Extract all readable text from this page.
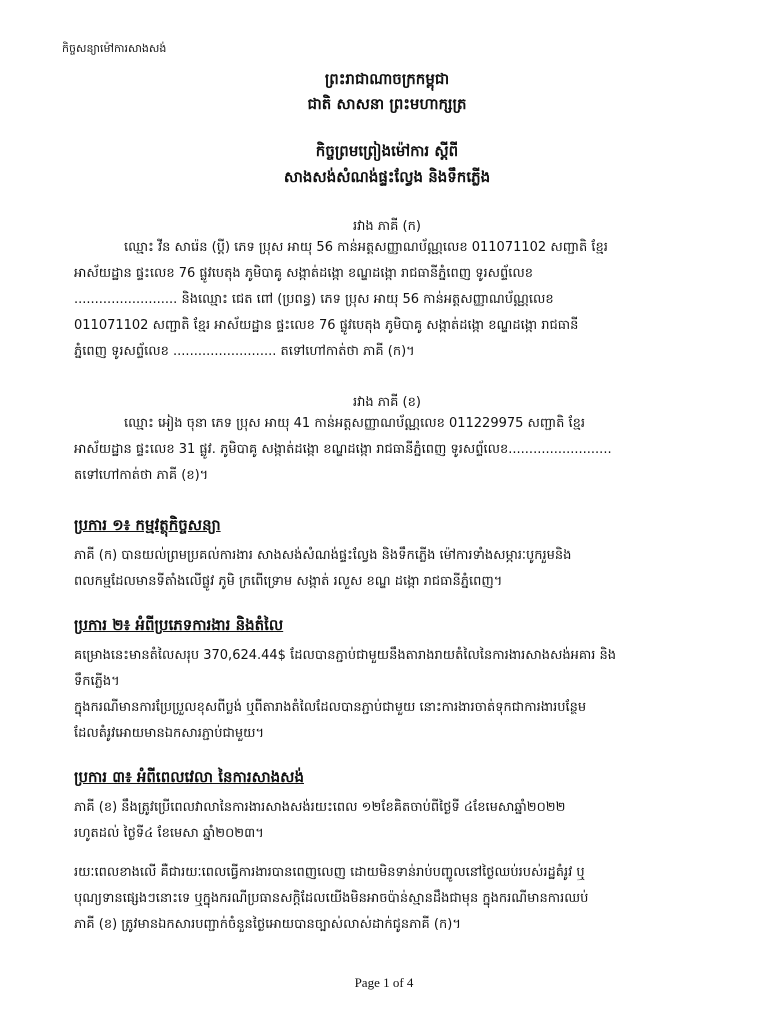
កិច្ចសន្យាម៉ៅការសាងសង់
ព្រះរាជាណាចក្រកម្ពុជា
ជាតិ សាសនា ព្រះមហាក្សត្រ
កិច្ចព្រមព្រៀងម៉ៅការ ស្តីពី
សាងសង់សំណង់ផ្ទះល្វែង និងទឹកភ្លើង
រវាង ភាគី (ក)
ឈ្មោះ វីន សារ៉េន (ប្តី) ភេទ ប្រុស អាយុ 56 កាន់អត្តសញ្ញាណប័ណ្ណលេខ 011071102 សញ្ជាតិ ខ្មែរ
អាស័យដ្ឋាន ផ្ទះលេខ 76 ផ្លូវបេតុង ភូមិបាគូ សង្កាត់ដង្កោ ខណ្ឌដង្កោ រាជធានីភ្នំពេញ ទូរសព្ទ័លេខ
......................... និងឈ្មោះ ជេត ពៅ (ប្រពន្ធ) ភេទ ប្រុស អាយុ 56 កាន់អត្តសញ្ញាណប័ណ្ណលេខ
011071102 សញ្ជាតិ ខ្មែរ អាស័យដ្ឋាន ផ្ទះលេខ 76 ផ្លូវបេតុង ភូមិបាគូ សង្កាត់ដង្កោ ខណ្ឌដង្កោ រាជធានី
ភ្នំពេញ ទូរសព្ទ័លេខ ......................... តទៅហៅកាត់ថា ភាគី (ក)។
រវាង ភាគី (ខ)
ឈ្មោះ អៀង ចុនា ភេទ ប្រុស អាយុ 41 កាន់អត្តសញ្ញាណប័ណ្ណលេខ 011229975 សញ្ជាតិ ខ្មែរ
អាស័យដ្ឋាន ផ្ទះលេខ 31 ផ្លូវ. ភូមិបាគូ សង្កាត់ដង្កោ ខណ្ឌដង្កោ រាជធានីភ្នំពេញ ទូរសព្ទ័លេខ.........................
តទៅហៅកាត់ថា ភាគី (ខ)។
ប្រការ ១៖ កម្មវត្ថុកិច្ចសន្យា
ភាគី (ក) បានយល់ព្រមប្រគល់ការងារ សាងសង់សំណង់ផ្ទះល្វែង និងទឹកភ្លើង ម៉ៅការទាំងសម្ភារៈបូករួមនិង
ពលកម្មដែលមានទីតាំងលើផ្លូវ ភូមិ ក្រពើទ្រោម សង្កាត់ រលួស ខណ្ឌ ដង្កោ រាជធានីភ្នំពេញ។
ប្រការ ២៖ អំពីប្រភេទការងារ និងតំលៃ
គម្រោងនេះមានតំលៃសរុប 370,624.44$ ដែលបានភ្ជាប់ជាមួយនឹងតារាងរាយតំលៃនៃការងារសាងសង់អគារ និង
ទឹកភ្លើង។
ក្នុងករណីមានការប្រែប្រួលខុសពីប្លង់ ឬពីតារាងតំលៃដែលបានភ្ជាប់ជាមួយ នោះការងារចាត់ទុកជាការងារបន្ថែម
ដែលតំរូវអោយមានឯកសារភ្ជាប់ជាមួយ។
ប្រការ ៣៖ អំពីពេលវេលា នៃការសាងសង់
ភាគី (ខ) នឹងត្រូវប្រើពេលវាលានៃការងារសាងសង់រយះពេល ១២ខែគិតចាប់ពីថ្ងៃទី ៤ខែមេសាឆ្នាំ២០២២
រហូតដល់ ថ្ងៃទី៤ ខែមេសា ឆ្នាំ២០២៣។
រយៈពេលខាងលើ គឺជារយៈពេលធ្វើការងារបានពេញលេញ ដោយមិនទាន់រាប់បញ្ចូលនៅថ្ងៃឈប់របស់រដ្ឋតំរូវ ឬ
បុណ្យទានផ្សេងៗនោះទេ ឬក្នុងករណីប្រធានសក្តិដែលយើងមិនអាចប៉ាន់ស្មានដឹងជាមុន ក្នុងករណីមានការឈប់
ភាគី (ខ) ត្រូវមានឯកសារបញ្ជាក់ចំនួនថ្ងៃអោយបានច្បាស់លាស់ដាក់ជូនភាគី (ក)។
Page 1 of 4
